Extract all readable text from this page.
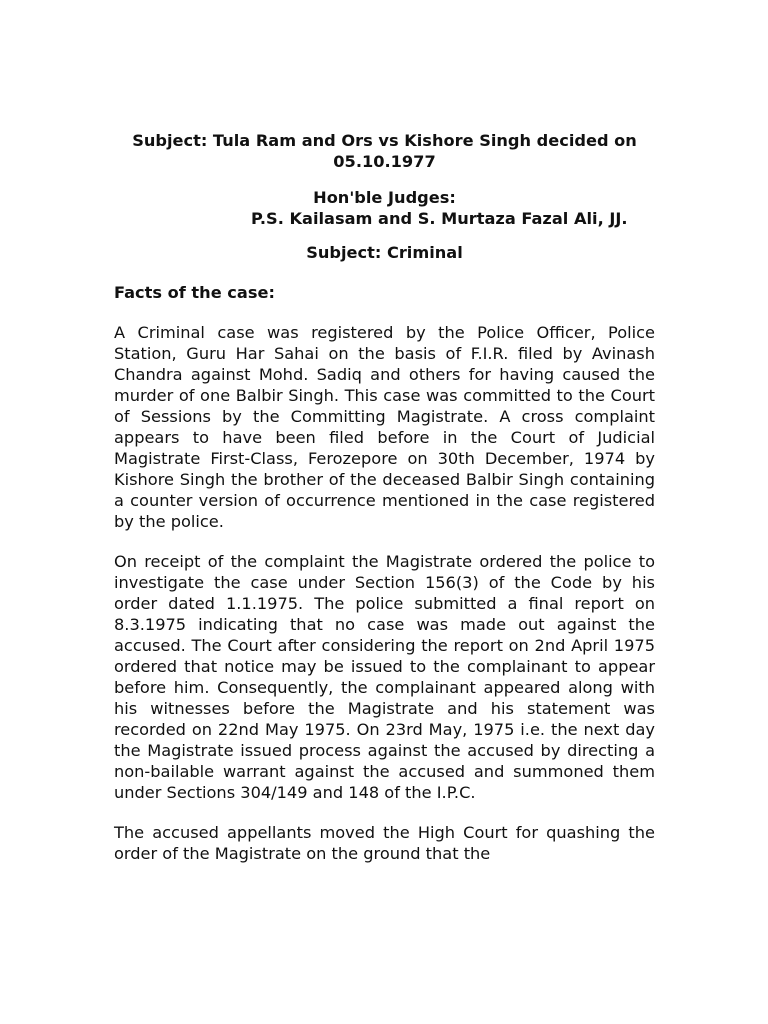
Subject: Tula Ram and Ors vs Kishore Singh decided on 05.10.1977

Hon'ble Judges:

P.S. Kailasam and S. Murtaza Fazal Ali, JJ.

Subject: Criminal

Facts of the case:

A Criminal case was registered by the Police Officer, Police Station, Guru Har Sahai on the basis of F.I.R. filed by Avinash Chandra against Mohd. Sadiq and others for having caused the murder of one Balbir Singh. This case was committed to the Court of Sessions by the Committing Magistrate. A cross complaint appears to have been filed before in the Court of Judicial Magistrate First-Class, Ferozepore on 30th December, 1974 by Kishore Singh the brother of the deceased Balbir Singh containing a counter version of occurrence mentioned in the case registered by the police.

On receipt of the complaint the Magistrate ordered the police to investigate the case under Section 156(3) of the Code by his order dated 1.1.1975. The police submitted a final report on 8.3.1975 indicating that no case was made out against the accused. The Court after considering the report on 2nd April 1975 ordered that notice may be issued to the complainant to appear before him. Consequently, the complainant appeared along with his witnesses before the Magistrate and his statement was recorded on 22nd May 1975. On 23rd May, 1975 i.e. the next day the Magistrate issued process against the accused by directing a non-bailable warrant against the accused and summoned them under Sections 304/149 and 148 of the I.P.C.

The accused appellants moved the High Court for quashing the order of the Magistrate on the ground that the
